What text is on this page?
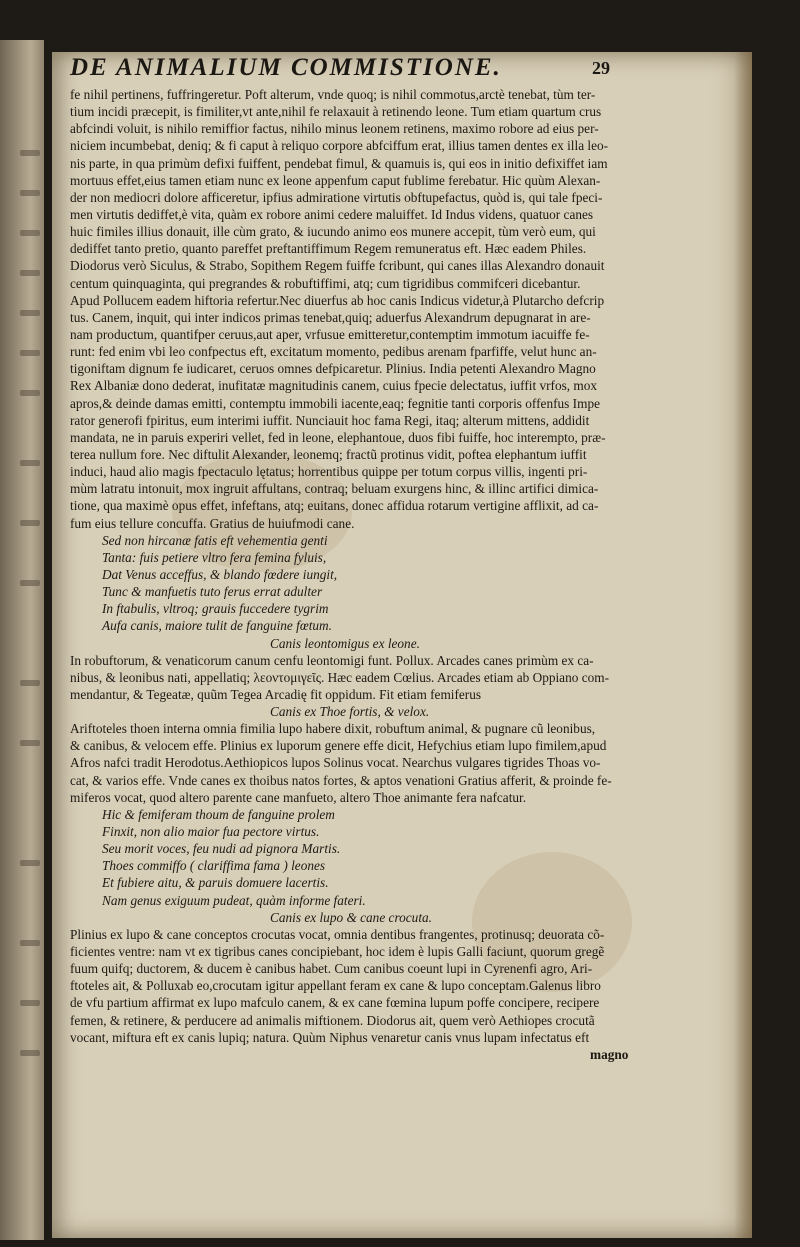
DE ANIMALIUM COMMISTIONE.	29
fe nihil pertinens, fuffringeretur. Poft alterum, vnde quoq; is nihil commotus,arctè tenebat, tùm ter-
tium incidi præcepit, is fimiliter,vt ante,nihil fe relaxauit à retinendo leone. Tum etiam quartum crus
abfcindi voluit, is nihilo remiffior factus, nihilo minus leonem retinens, maximo robore ad eius per-
niciem incumbebat, deniq; & fi caput à reliquo corpore abfciffum erat, illius tamen dentes ex illa leo-
nis parte, in qua primùm defixi fuiffent, pendebat fimul, & quamuis is, qui eos in initio defixiffet iam
mortuus effet,eius tamen etiam nunc ex leone appenfum caput fublime ferebatur. Hic quùm Alexan-
der non mediocri dolore afficeretur, ipfius admiratione virtutis obftupefactus, quòd is, qui tale fpeci-
men virtutis dediffet,è vita, quàm ex robore animi cedere maluiffet. Id Indus videns, quatuor canes
huic fimiles illius donauit, ille cùm grato, & iucundo animo eos munere accepit, tùm verò eum, qui
dediffet tanto pretio, quanto pareffet preftantiffimum Regem remuneratus eft. Hæc eadem Philes.
Diodorus verò Siculus, & Strabo, Sopithem Regem fuiffe fcribunt, qui canes illas Alexandro donauit
centum quinquaginta, qui pregrandes & robuftiffimi, atq; cum tigridibus commifceri dicebantur.
Apud Pollucem eadem hiftoria refertur.Nec diuerfus ab hoc canis Indicus videtur,à Plutarcho defcrip
tus. Canem, inquit, qui inter indicos primas tenebat,quiq; aduerfus Alexandrum depugnarat in are-
nam productum, quantifper ceruus,aut aper, vrfusue emitteretur,contemptim immotum iacuiffe fe-
runt: fed enim vbi leo confpectus eft, excitatum momento, pedibus arenam fparfiffe, velut hunc an-
tigoniftam dignum fe iudicaret, ceruos omnes defpicaretur. Plinius. India petenti Alexandro Magno
Rex Albaniæ dono dederat, inufitatæ magnitudinis canem, cuius fpecie delectatus, iuffit vrfos, mox
apros,& deinde damas emitti, contemptu immobili iacente,eaq; fegnitie tanti corporis offenfus Impe
rator generofi fpiritus, eum interimi iuffit. Nunciauit hoc fama Regi, itaq; alterum mittens, addidit
mandata, ne in paruis experiri vellet, fed in leone, elephantoue, duos fibi fuiffe, hoc interempto, præ-
terea nullum fore. Nec diftulit Alexander, leonemq; fractũ protinus vidit, poftea elephantum iuffit
induci, haud alio magis fpectaculo lętatus; horrentibus quippe per totum corpus villis, ingenti pri-
mùm latratu intonuit, mox ingruit affultans, contraq; beluam exurgens hinc, & illinc artifici dimica-
tione, qua maximè opus effet, infeftans, atq; euitans, donec affidua rotarum vertigine afflixit, ad ca-
fum eius tellure concuffa. Gratius de huiufmodi cane.
Sed non hircanæ fatis eft vehementia genti
Tanta: fuis petiere vltro fera femina fyluis,
Dat Venus acceffus, & blando fœdere iungit,
Tunc & manfuetis tuto ferus errat adulter
In ftabulis, vltroq; grauis fuccedere tygrim
Aufa canis, maiore tulit de fanguine fœtum.
Canis leontomigus ex leone.
In robuftorum, & venaticorum canum cenfu leontomigi funt. Pollux. Arcades canes primùm ex ca-
nibus, & leonibus nati, appellatiq; λεοντομιγεῖς. Hæc eadem Cœlius. Arcades etiam ab Oppiano com-
mendantur, & Tegeatæ, quũm Tegea Arcadię fit oppidum. Fit etiam femiferus
Canis ex Thoe fortis, & velox.
Ariftoteles thoen interna omnia fimilia lupo habere dixit, robuftum animal, & pugnare cũ leonibus,
& canibus, & velocem effe. Plinius ex luporum genere effe dicit, Hefychius etiam lupo fimilem,apud
Afros nafci tradit Herodotus.Aethiopicos lupos Solinus vocat. Nearchus vulgares tigrides Thoas vo-
cat, & varios effe. Vnde canes ex thoibus natos fortes, & aptos venationi Gratius afferit, & proinde fe-
miferos vocat, quod altero parente cane manfueto, altero Thoe animante fera nafcatur.
Hic & femiferam thoum de fanguine prolem
Finxit, non alio maior fua pectore virtus.
Seu morit voces, feu nudi ad pignora Martis.
Thoes commiffo ( clariffima fama ) leones
Et fubiere aitu, & paruis domuere lacertis.
Nam genus exiguum pudeat, quàm informe fateri.
Canis ex lupo & cane crocuta.
Plinius ex lupo & cane conceptos crocutas vocat, omnia dentibus frangentes, protinusq; deuorata cõ-
ficientes ventre: nam vt ex tigribus canes concipiebant, hoc idem è lupis Galli faciunt, quorum gregẽ
fuum quifq; ductorem, & ducem è canibus habet. Cum canibus coeunt lupi in Cyrenenfi agro, Ari-
ftoteles ait, & Polluxab eo,crocutam igitur appellant feram ex cane & lupo conceptam.Galenus libro
de vfu partium affirmat ex lupo mafculo canem, & ex cane fœmina lupum poffe concipere, recipere
femen, & retinere, & perducere ad animalis miftionem. Diodorus ait, quem verò Aethiopes crocutã
vocant, miftura eft ex canis lupiq; natura. Quùm Niphus venaretur canis vnus lupam infectatus eft
magno
